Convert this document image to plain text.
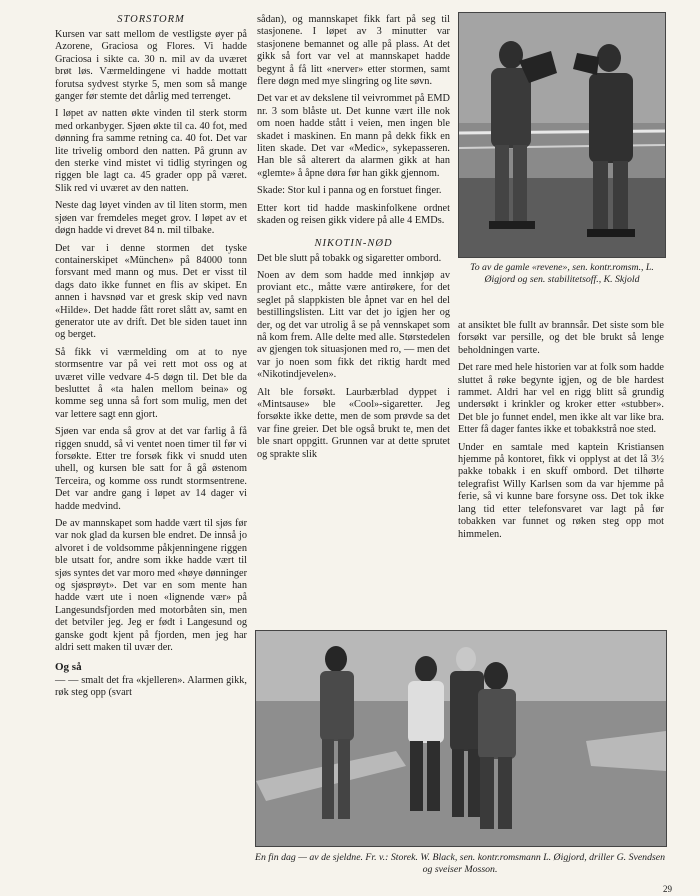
STORSTORM

Kursen var satt mellom de vestligste øyer på Azorene, Graciosa og Flores. Vi hadde Graciosa i sikte ca. 30 n. mil av da uværet brøt løs. Værmeldingene vi hadde mottatt forutsa sydvest styrke 5, men som så mange ganger før stemte det dårlig med terrenget.

I løpet av natten økte vinden til sterk storm med orkanbyger. Sjøen økte til ca. 40 fot, med dønning fra samme retning ca. 40 fot. Det var lite trivelig ombord den natten. På grunn av den sterke vind mistet vi tidlig styringen og riggen ble lagt ca. 45 grader opp på været. Slik red vi uværet av den natten.

Neste dag løyet vinden av til liten storm, men sjøen var fremdeles meget grov. I løpet av et døgn hadde vi drevet 84 n. mil tilbake.

Det var i denne stormen det tyske containerskipet «München» på 84000 tonn forsvant med mann og mus. Det er visst til dags dato ikke funnet en flis av skipet. En annen i havsnød var et gresk skip ved navn «Hilde». Det hadde fått roret slått av, samt en generator ute av drift. Det ble siden tauet inn og berget.

Så fikk vi værmelding om at to nye stormsentre var på vei rett mot oss og at uværet ville vedvare 4-5 døgn til. Det ble da besluttet å «ta halen mellom beina» og komme seg unna så fort som mulig, men det var lettere sagt enn gjort.

Sjøen var enda så grov at det var farlig å få riggen snudd, så vi ventet noen timer til før vi forsøkte. Etter tre forsøk fikk vi snudd uten uhell, og kursen ble satt for å gå østenom Terceira, og komme oss rundt stormsentrene. Det var andre gang i løpet av 14 dager vi hadde medvind.

De av mannskapet som hadde vært til sjøs før var nok glad da kursen ble endret. De innså jo alvoret i de voldsomme påkjenningene riggen ble utsatt for, andre som ikke hadde vært til sjøs syntes det var moro med «høye dønninger og sjøsprøyt». Det var en som mente han hadde vært ute i noen «lignende vær» på Langesundsfjorden med motorbåten sin, men det betviler jeg. Jeg er født i Langesund og ganske godt kjent på fjorden, men jeg har aldri sett maken til uvær der.

Og så

— — smalt det fra «kjelleren». Alarmen gikk, røk steg opp (svart

sådan), og mannskapet fikk fart på seg til stasjonene. I løpet av 3 minutter var stasjonene bemannet og alle på plass. At det gikk så fort var vel at mannskapet hadde begynt å få litt «nerver» etter stormen, samt flere døgn med mye slingring og lite søvn.

Det var et av dekslene til veivrommet på EMD nr. 3 som blåste ut. Det kunne vært ille nok om noen hadde stått i veien, men ingen ble skadet i maskinen. En mann på dekk fikk en liten skade. Det var «Medic», sykepasseren. Han ble så alterert da alarmen gikk at han «glemte» å åpne døra før han gikk gjennom.

Skade: Stor kul i panna og en forstuet finger.

Etter kort tid hadde maskinfolkene ordnet skaden og reisen gikk videre på alle 4 EMDs.

NIKOTIN-NØD

Det ble slutt på tobakk og sigaretter ombord.

Noen av dem som hadde med innkjøp av proviant etc., måtte være antirøkere, for det seglet på slappkisten ble åpnet var en hel del bestillingslisten. Litt var det jo igjen her og der, og det var utrolig å se på vennskapet som nå kom frem. Alle delte med alle. Størstedelen av gjengen tok situasjonen med ro, — men det var jo noen som fikk det riktig hardt med «Nikotindjevelen».

Alt ble forsøkt. Laurbærblad dyppet i «Mintsause» ble «Cool»-sigaretter. Jeg forsøkte ikke dette, men de som prøvde sa det var fine greier. Det ble også brukt te, men det ble snart oppgitt. Grunnen var at dette sprutet og sprakte slik

To av de gamle «revene», sen. kontr.romsm., L. Øigjord og sen. stabilitetsoff., K. Skjold

at ansiktet ble fullt av brannsår. Det siste som ble forsøkt var persille, og det ble brukt så lenge beholdningen varte.

Det rare med hele historien var at folk som hadde sluttet å røke begynte igjen, og de ble hardest rammet. Aldri har vel en rigg blitt så grundig undersøkt i krinkler og kroker etter «stubber». Det ble jo funnet endel, men ikke alt var like bra. Etter få dager fantes ikke et tobakkstrå noe sted.

Under en samtale med kaptein Kristiansen hjemme på kontoret, fikk vi opplyst at det lå 3½ pakke tobakk i en skuff ombord. Det tilhørte telegrafist Willy Karlsen som da var hjemme på ferie, så vi kunne bare forsyne oss. Det tok ikke lang tid etter telefonsvaret var lagt på før tobakken var funnet og røken steg opp mot himmelen.

En fin dag — av de sjeldne. Fr. v.: Storek. W. Black, sen. kontr.romsmann L. Øigjord, driller G. Svendsen og sveiser Mosson.
29
